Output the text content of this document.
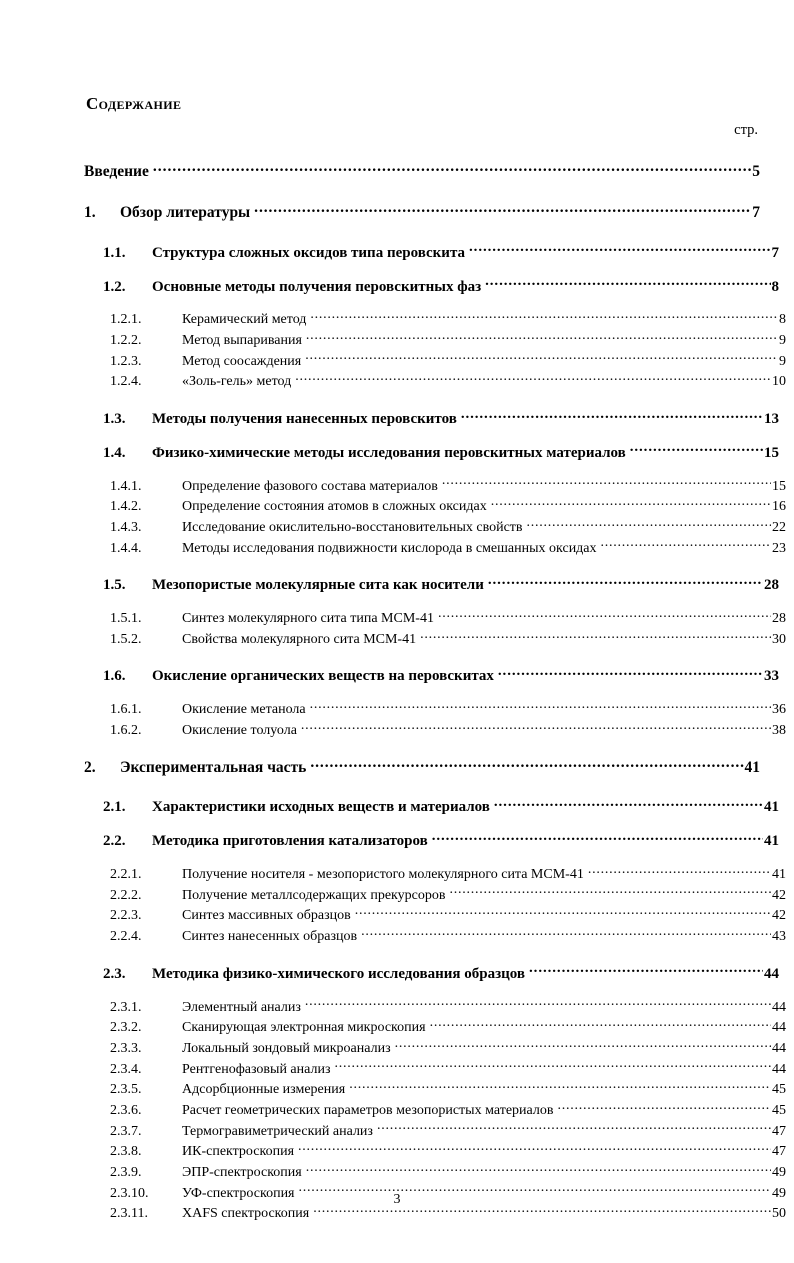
Содержание
стр.
Введение .....	5
1.	Обзор литературы .....	7
1.1.	Структура сложных оксидов типа перовскита .....	7
1.2.	Основные методы получения перовскитных фаз .....	8
1.2.1.	Керамический метод .....	8
1.2.2.	Метод выпаривания .....	9
1.2.3.	Метод соосаждения .....	9
1.2.4.	«Золь-гель» метод .....	10
1.3.	Методы получения нанесенных перовскитов .....	13
1.4.	Физико-химические методы исследования перовскитных материалов .....	15
1.4.1.	Определение фазового состава материалов .....	15
1.4.2.	Определение состояния атомов в сложных оксидах .....	16
1.4.3.	Исследование окислительно-восстановительных свойств .....	22
1.4.4.	Методы исследования подвижности кислорода в смешанных оксидах .....	23
1.5.	Мезопористые молекулярные сита как носители .....	28
1.5.1.	Синтез молекулярного сита типа МСМ-41 .....	28
1.5.2.	Свойства молекулярного сита МСМ-41 .....	30
1.6.	Окисление органических веществ на перовскитах .....	33
1.6.1.	Окисление метанола .....	36
1.6.2.	Окисление толуола .....	38
2.	Экспериментальная часть .....	41
2.1.	Характеристики исходных веществ и материалов .....	41
2.2.	Методика приготовления катализаторов .....	41
2.2.1.	Получение носителя - мезопористого молекулярного сита МСМ-41 .....	41
2.2.2.	Получение металлсодержащих прекурсоров .....	42
2.2.3.	Синтез массивных образцов .....	42
2.2.4.	Синтез нанесенных образцов .....	43
2.3.	Методика физико-химического исследования образцов .....	44
2.3.1.	Элементный анализ .....	44
2.3.2.	Сканирующая электронная микроскопия .....	44
2.3.3.	Локальный зондовый микроанализ .....	44
2.3.4.	Рентгенофазовый анализ .....	44
2.3.5.	Адсорбционные измерения .....	45
2.3.6.	Расчет геометрических параметров мезопористых материалов .....	45
2.3.7.	Термогравиметрический анализ .....	47
2.3.8.	ИК-спектроскопия .....	47
2.3.9.	ЭПР-спектроскопия .....	49
2.3.10.	УФ-спектроскопия .....	49
2.3.11.	XAFS спектроскопия .....	50
3
